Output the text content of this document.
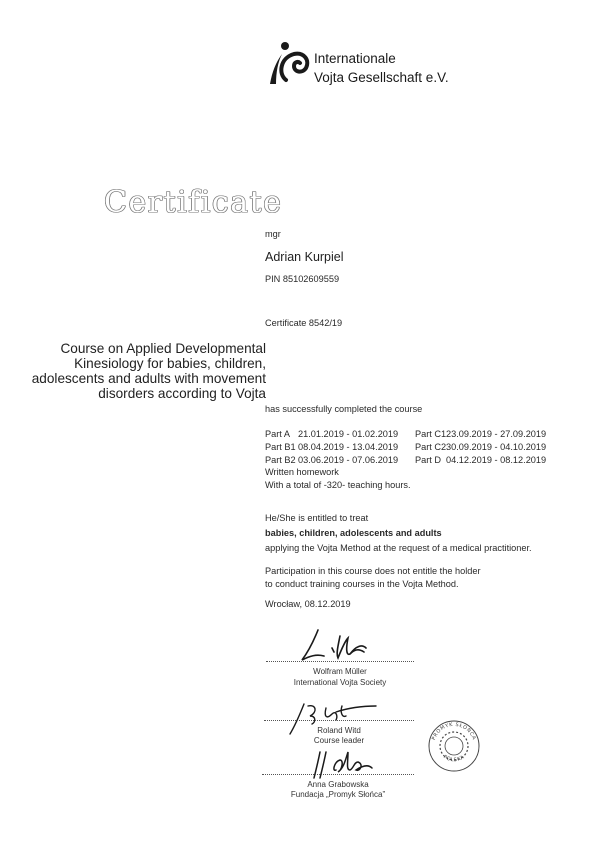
Internationale
Vojta Gesellschaft e.V.
Certificate
mgr
Adrian Kurpiel
PIN 85102609559
Certificate 8542/19
Course on Applied Developmental
Kinesiology for babies, children,
adolescents and adults with movement
disorders according to Vojta
has successfully completed the course
Part A 21.01.2019 - 01.02.2019 Part C1 23.09.2019 - 27.09.2019
Part B1 08.04.2019 - 13.04.2019 Part C2 30.09.2019 - 04.10.2019
Part B2 03.06.2019 - 07.06.2019 Part D 04.12.2019 - 08.12.2019
Written homework
With a total of -320- teaching hours.
He/She is entitled to treat
babies, children, adolescents and adults
applying the Vojta Method at the request of a medical practitioner.
Participation in this course does not entitle the holder
to conduct training courses in the Vojta Method.
Wrocław, 08.12.2019
Wolfram Müller
International Vojta Society
Roland Witd
Course leader	PROMYK SŁOŃCA
POLSKA
Anna Grabowska
Fundacja „Promyk Słońca”
